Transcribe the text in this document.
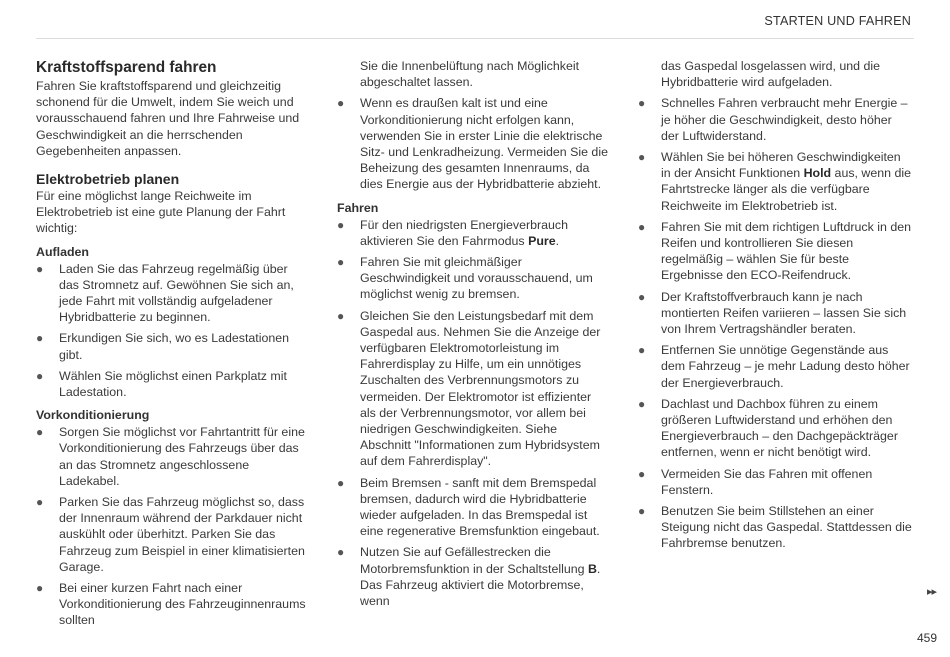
STARTEN UND FAHREN
Kraftstoffsparend fahren

Fahren Sie kraftstoffsparend und gleichzeitig schonend für die Umwelt, indem Sie weich und vorausschauend fahren und Ihre Fahrweise und Geschwindigkeit an die herrschenden Gegebenheiten anpassen.

Elektrobetrieb planen

Für eine möglichst lange Reichweite im Elektrobetrieb ist eine gute Planung der Fahrt wichtig:

Aufladen
● Laden Sie das Fahrzeug regelmäßig über das Stromnetz auf. Gewöhnen Sie sich an, jede Fahrt mit vollständig aufgeladener Hybridbatterie zu beginnen.
● Erkundigen Sie sich, wo es Ladestationen gibt.
● Wählen Sie möglichst einen Parkplatz mit Ladestation.
Vorkonditionierung
● Sorgen Sie möglichst vor Fahrtantritt für eine Vorkonditionierung des Fahrzeugs über das an das Stromnetz angeschlossene Ladekabel.
● Parken Sie das Fahrzeug möglichst so, dass der Innenraum während der Parkdauer nicht auskühlt oder überhitzt. Parken Sie das Fahrzeug zum Beispiel in einer klimatisierten Garage.
● Bei einer kurzen Fahrt nach einer Vorkonditionierung des Fahrzeuginnenraums sollten
Sie die Innenbelüftung nach Möglichkeit abgeschaltet lassen.
● Wenn es draußen kalt ist und eine Vorkonditionierung nicht erfolgen kann, verwenden Sie in erster Linie die elektrische Sitz- und Lenkradheizung. Vermeiden Sie die Beheizung des gesamten Innenraums, da dies Energie aus der Hybridbatterie abzieht.
Fahren
● Für den niedrigsten Energieverbrauch aktivieren Sie den Fahrmodus Pure.
● Fahren Sie mit gleichmäßiger Geschwindigkeit und vorausschauend, um möglichst wenig zu bremsen.
● Gleichen Sie den Leistungsbedarf mit dem Gaspedal aus. Nehmen Sie die Anzeige der verfügbaren Elektromotorleistung im Fahrerdisplay zu Hilfe, um ein unnötiges Zuschalten des Verbrennungsmotors zu vermeiden. Der Elektromotor ist effizienter als der Verbrennungsmotor, vor allem bei niedrigen Geschwindigkeiten. Siehe Abschnitt "Informationen zum Hybridsystem auf dem Fahrerdisplay".
● Beim Bremsen - sanft mit dem Bremspedal bremsen, dadurch wird die Hybridbatterie wieder aufgeladen. In das Bremspedal ist eine regenerative Bremsfunktion eingebaut.
● Nutzen Sie auf Gefällestrecken die Motorbremsfunktion in der Schaltstellung B. Das Fahrzeug aktiviert die Motorbremse, wenn
das Gaspedal losgelassen wird, und die Hybridbatterie wird aufgeladen.
● Schnelles Fahren verbraucht mehr Energie – je höher die Geschwindigkeit, desto höher der Luftwiderstand.
● Wählen Sie bei höheren Geschwindigkeiten in der Ansicht Funktionen Hold aus, wenn die Fahrtstrecke länger als die verfügbare Reichweite im Elektrobetrieb ist.
● Fahren Sie mit dem richtigen Luftdruck in den Reifen und kontrollieren Sie diesen regelmäßig – wählen Sie für beste Ergebnisse den ECO-Reifendruck.
● Der Kraftstoffverbrauch kann je nach montierten Reifen variieren – lassen Sie sich von Ihrem Vertragshändler beraten.
● Entfernen Sie unnötige Gegenstände aus dem Fahrzeug – je mehr Ladung desto höher der Energieverbrauch.
● Dachlast und Dachbox führen zu einem größeren Luftwiderstand und erhöhen den Energieverbrauch – den Dachgepäckträger entfernen, wenn er nicht benötigt wird.
● Vermeiden Sie das Fahren mit offenen Fenstern.
● Benutzen Sie beim Stillstehen an einer Steigung nicht das Gaspedal. Stattdessen die Fahrbremse benutzen.
▸▸
459
